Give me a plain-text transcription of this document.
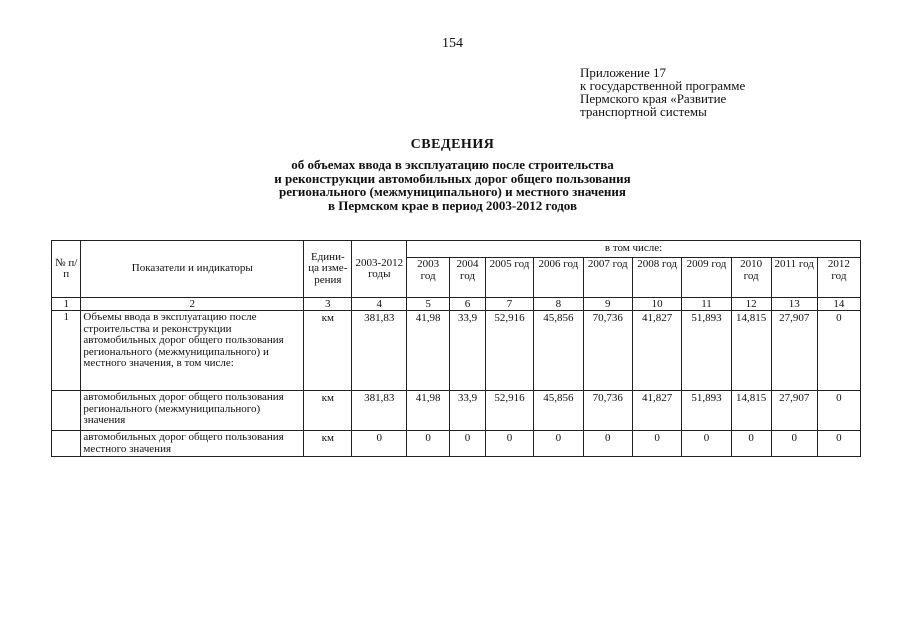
154
Приложение 17
к государственной программе
Пермского края «Развитие
транспортной системы
СВЕДЕНИЯ
об объемах ввода в эксплуатацию после строительства
и реконструкции автомобильных дорог общего пользования
регионального (межмуниципального) и местного значения
в Пермском крае в период 2003-2012 годов
№ п/п	Показатели и индикаторы	Едини-ца изме-рения	2003-2012 годы	в том числе:									
				2003 год	2004 год	2005 год	2006 год	2007 год	2008 год	2009 год	2010 год	2011 год	2012 год
1	2	3	4	5	6	7	8	9	10	11	12	13	14
1	Объемы ввода в эксплуатацию после строительства и реконструкции автомобильных дорог общего пользования регионального (межмуниципального) и местного значения, в том числе:	км	381,83	41,98	33,9	52,916	45,856	70,736	41,827	51,893	14,815	27,907	0
	автомобильных дорог общего пользования регионального (межмуниципального) значения	км	381,83	41,98	33,9	52,916	45,856	70,736	41,827	51,893	14,815	27,907	0
	автомобильных дорог общего пользования местного значения	км	0	0	0	0	0	0	0	0	0	0	0
